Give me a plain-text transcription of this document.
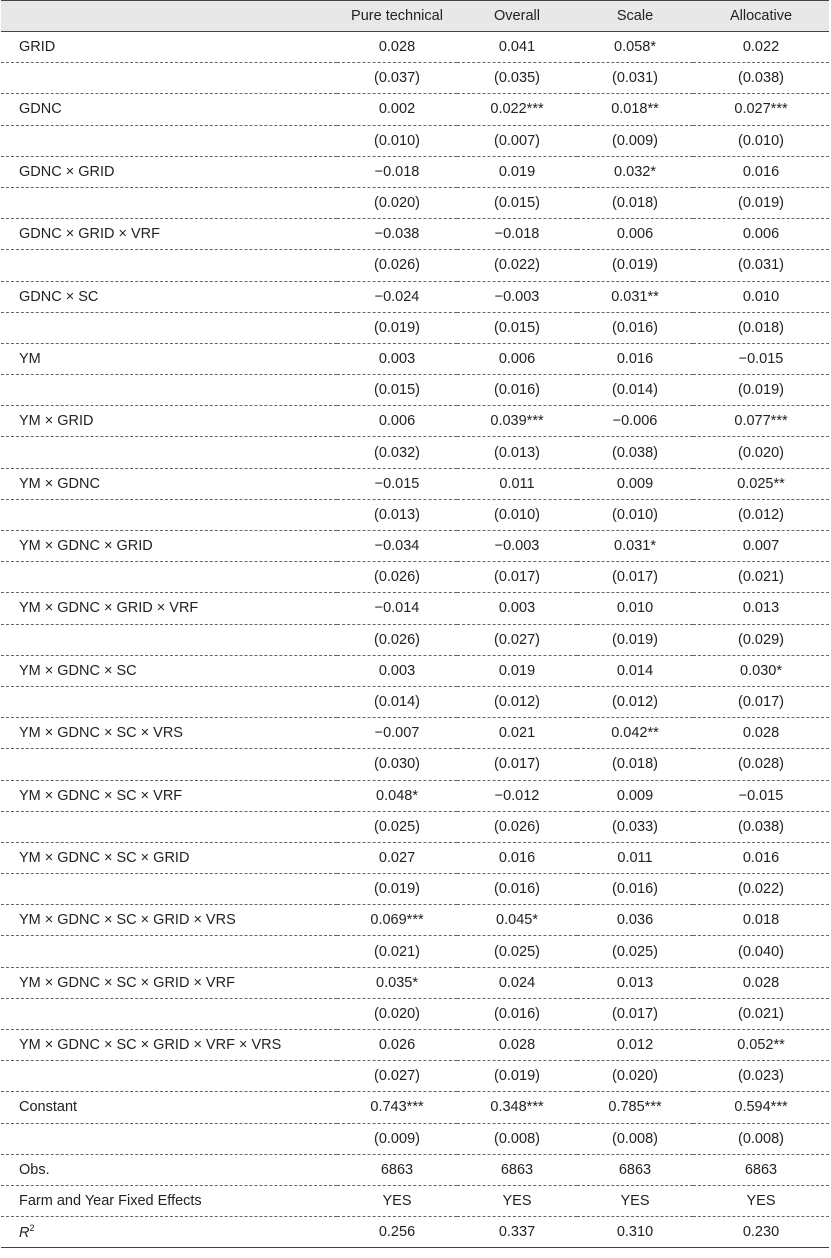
	Pure technical	Overall	Scale	Allocative
GRID	0.028	0.041	0.058*	0.022
	(0.037)	(0.035)	(0.031)	(0.038)
GDNC	0.002	0.022***	0.018**	0.027***
	(0.010)	(0.007)	(0.009)	(0.010)
GDNC × GRID	−0.018	0.019	0.032*	0.016
	(0.020)	(0.015)	(0.018)	(0.019)
GDNC × GRID × VRF	−0.038	−0.018	0.006	0.006
	(0.026)	(0.022)	(0.019)	(0.031)
GDNC × SC	−0.024	−0.003	0.031**	0.010
	(0.019)	(0.015)	(0.016)	(0.018)
YM	0.003	0.006	0.016	−0.015
	(0.015)	(0.016)	(0.014)	(0.019)
YM × GRID	0.006	0.039***	−0.006	0.077***
	(0.032)	(0.013)	(0.038)	(0.020)
YM × GDNC	−0.015	0.011	0.009	0.025**
	(0.013)	(0.010)	(0.010)	(0.012)
YM × GDNC × GRID	−0.034	−0.003	0.031*	0.007
	(0.026)	(0.017)	(0.017)	(0.021)
YM × GDNC × GRID × VRF	−0.014	0.003	0.010	0.013
	(0.026)	(0.027)	(0.019)	(0.029)
YM × GDNC × SC	0.003	0.019	0.014	0.030*
	(0.014)	(0.012)	(0.012)	(0.017)
YM × GDNC × SC × VRS	−0.007	0.021	0.042**	0.028
	(0.030)	(0.017)	(0.018)	(0.028)
YM × GDNC × SC × VRF	0.048*	−0.012	0.009	−0.015
	(0.025)	(0.026)	(0.033)	(0.038)
YM × GDNC × SC × GRID	0.027	0.016	0.011	0.016
	(0.019)	(0.016)	(0.016)	(0.022)
YM × GDNC × SC × GRID × VRS	0.069***	0.045*	0.036	0.018
	(0.021)	(0.025)	(0.025)	(0.040)
YM × GDNC × SC × GRID × VRF	0.035*	0.024	0.013	0.028
	(0.020)	(0.016)	(0.017)	(0.021)
YM × GDNC × SC × GRID × VRF × VRS	0.026	0.028	0.012	0.052**
	(0.027)	(0.019)	(0.020)	(0.023)
Constant	0.743***	0.348***	0.785***	0.594***
	(0.009)	(0.008)	(0.008)	(0.008)
Obs.	6863	6863	6863	6863
Farm and Year Fixed Effects	YES	YES	YES	YES
$R^2$	0.256	0.337	0.310	0.230
